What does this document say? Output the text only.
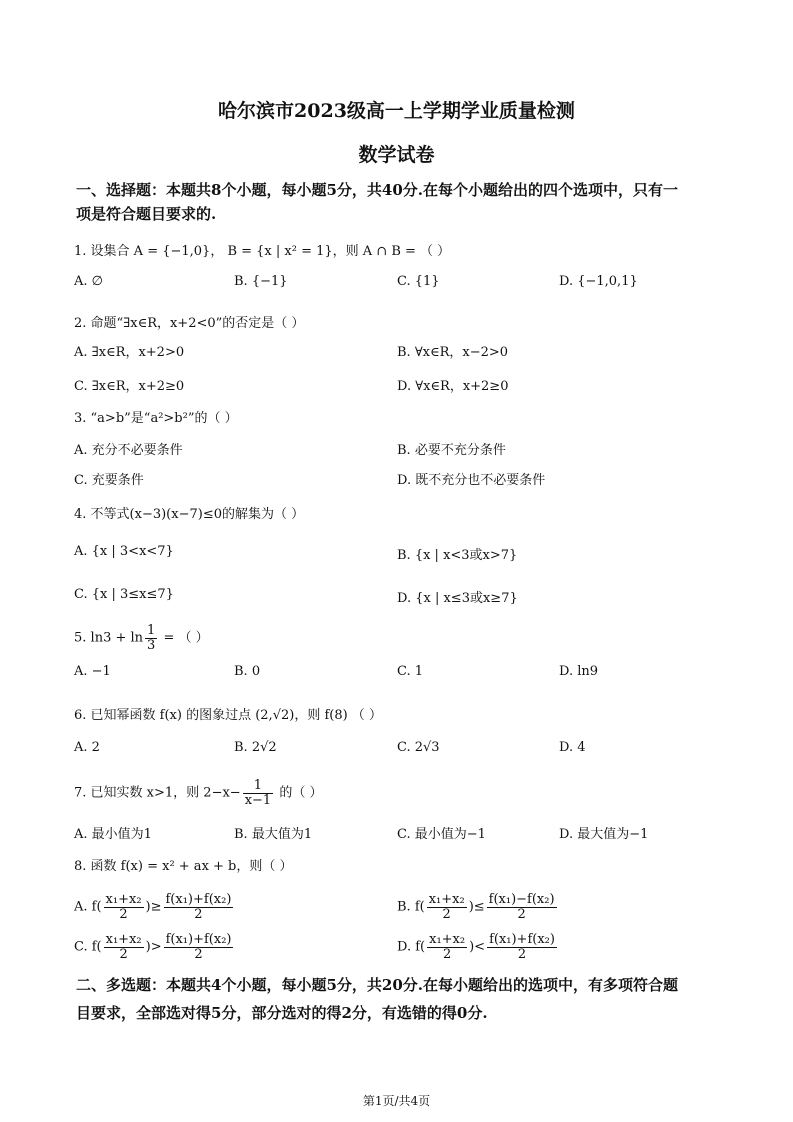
哈尔滨市2023级高一上学期学业质量检测
数学试卷
一、选择题：本题共8个小题，每小题5分，共40分.在每个小题给出的四个选项中，只有一
项是符合题目要求的.
1. 设集合 A = {−1,0}， B = {x | x² = 1}，则 A ∩ B = （ ）
A. ∅	B. {−1}	C. {1}	D. {−1,0,1}
2. 命题“∃x∈R，x+2<0”的否定是（ ）
A. ∃x∈R，x+2>0	B. ∀x∈R，x−2>0
C. ∃x∈R，x+2≥0	D. ∀x∈R，x+2≥0
3. “a>b”是“a²>b²”的（ ）
A. 充分不必要条件	B. 必要不充分条件
C. 充要条件	D. 既不充分也不必要条件
4. 不等式(x−3)(x−7)≤0的解集为（ ）
A. {x | 3<x<7}	B. {x | x<3或x>7}
C. {x | 3≤x≤7}	D. {x | x≤3或x≥7}
5. $\ln 3 + \ln \frac{1}{3}$ = （ ）
A. −1	B. 0	C. 1	D. ln9
6. 已知幂函数 f(x) 的图象过点 (2,√2)，则 f(8) （ ）
A. 2	B. 2√2	C. 2√3	D. 4
7. 已知实数 x>1，则 $2-x- \frac{1}{x-1}$ 的（ ）
A. 最小值为1	B. 最大值为1	C. 最小值为−1	D. 最大值为−1
8. 函数 f(x) = x² + ax + b，则（ ）
A. $f( \frac{\text{x₁+x₂}}{2}$ )≥ $\frac{\text{f(x₁)+f(x₂)}}{2}$	B. $f( \frac{\text{x₁+x₂}}{2}$ )≤ $\frac{\text{f(x₁)−f(x₂)}}{2}$
C. $f( \frac{\text{x₁+x₂}}{2}$ )> $\frac{\text{f(x₁)+f(x₂)}}{2}$	D. $f( \frac{\text{x₁+x₂}}{2}$ )< $\frac{\text{f(x₁)+f(x₂)}}{2}$
二、多选题：本题共4个小题，每小题5分，共20分.在每小题给出的选项中，有多项符合题
目要求，全部选对得5分，部分选对的得2分，有选错的得0分.
第1页/共4页
